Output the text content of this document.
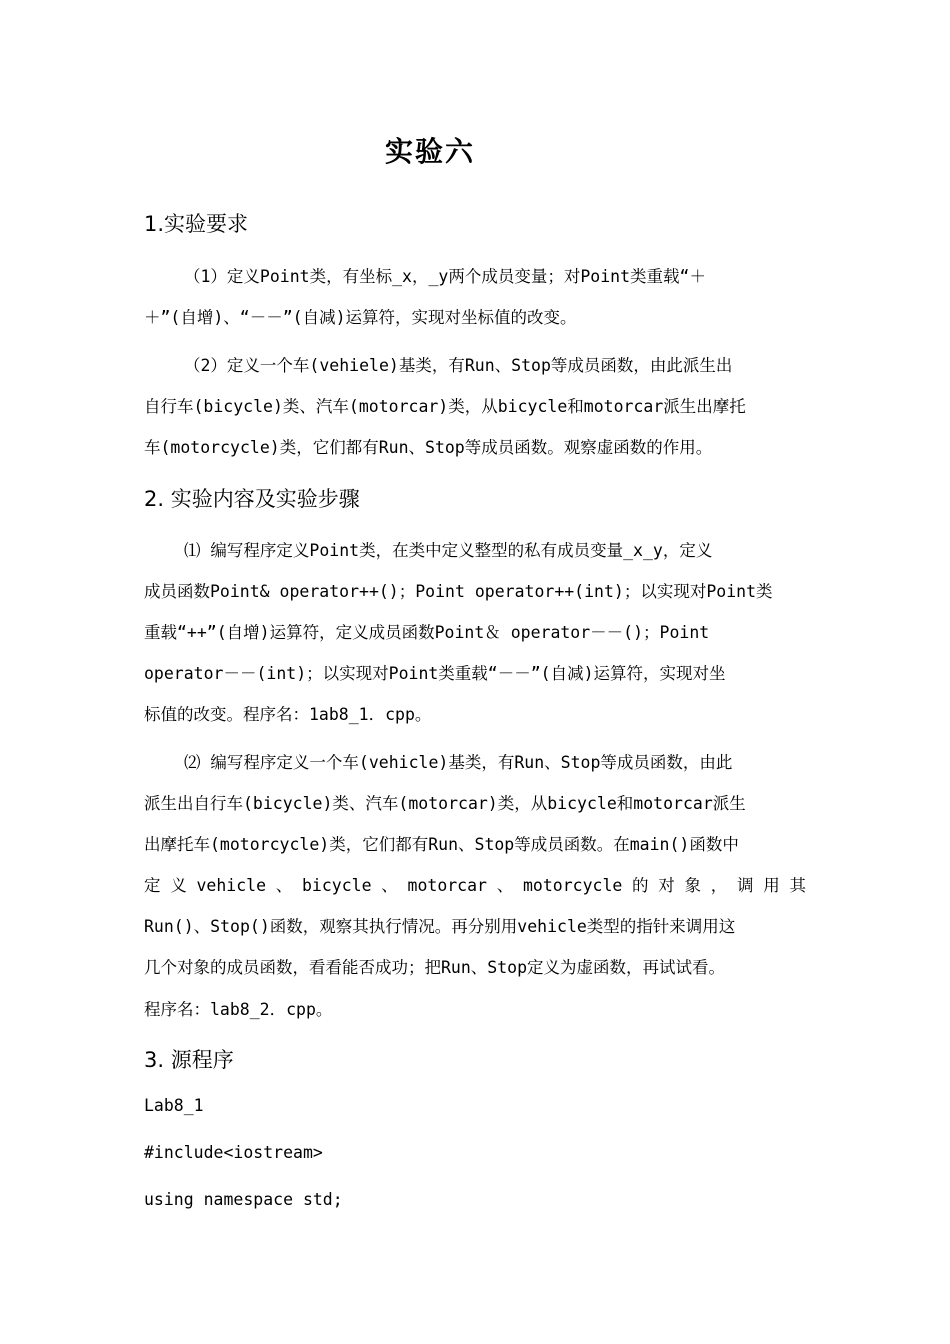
实验六
1.实验要求
（1）定义Point类，有坐标_x，_y两个成员变量；对Point类重载“＋
＋”(自增)、“－－”(自减)运算符，实现对坐标值的改变。
（2）定义一个车(vehiele)基类，有Run、Stop等成员函数，由此派生出
自行车(bicycle)类、汽车(motorcar)类，从bicycle和motorcar派生出摩托
车(motorcycle)类，它们都有Run、Stop等成员函数。观察虚函数的作用。
2. 实验内容及实验步骤
⑴ 编写程序定义Point类，在类中定义整型的私有成员变量_x_y，定义
成员函数Point& operator++()；Point operator++(int)；以实现对Point类
重载“++”(自增)运算符，定义成员函数Point＆ operator－－()；Point
operator－－(int)；以实现对Point类重载“－－”(自减)运算符，实现对坐
标值的改变。程序名：1ab8_1．cpp。
⑵ 编写程序定义一个车(vehicle)基类，有Run、Stop等成员函数，由此
派生出自行车(bicycle)类、汽车(motorcar)类，从bicycle和motorcar派生
出摩托车(motorcycle)类，它们都有Run、Stop等成员函数。在main()函数中
定义vehicle、bicycle、motorcar、motorcycle的对象，调用其
Run()、Stop()函数，观察其执行情况。再分别用vehicle类型的指针来调用这
几个对象的成员函数，看看能否成功；把Run、Stop定义为虚函数，再试试看。
程序名：lab8_2．cpp。
3. 源程序
Lab8_1
#include<iostream>
using namespace std;
